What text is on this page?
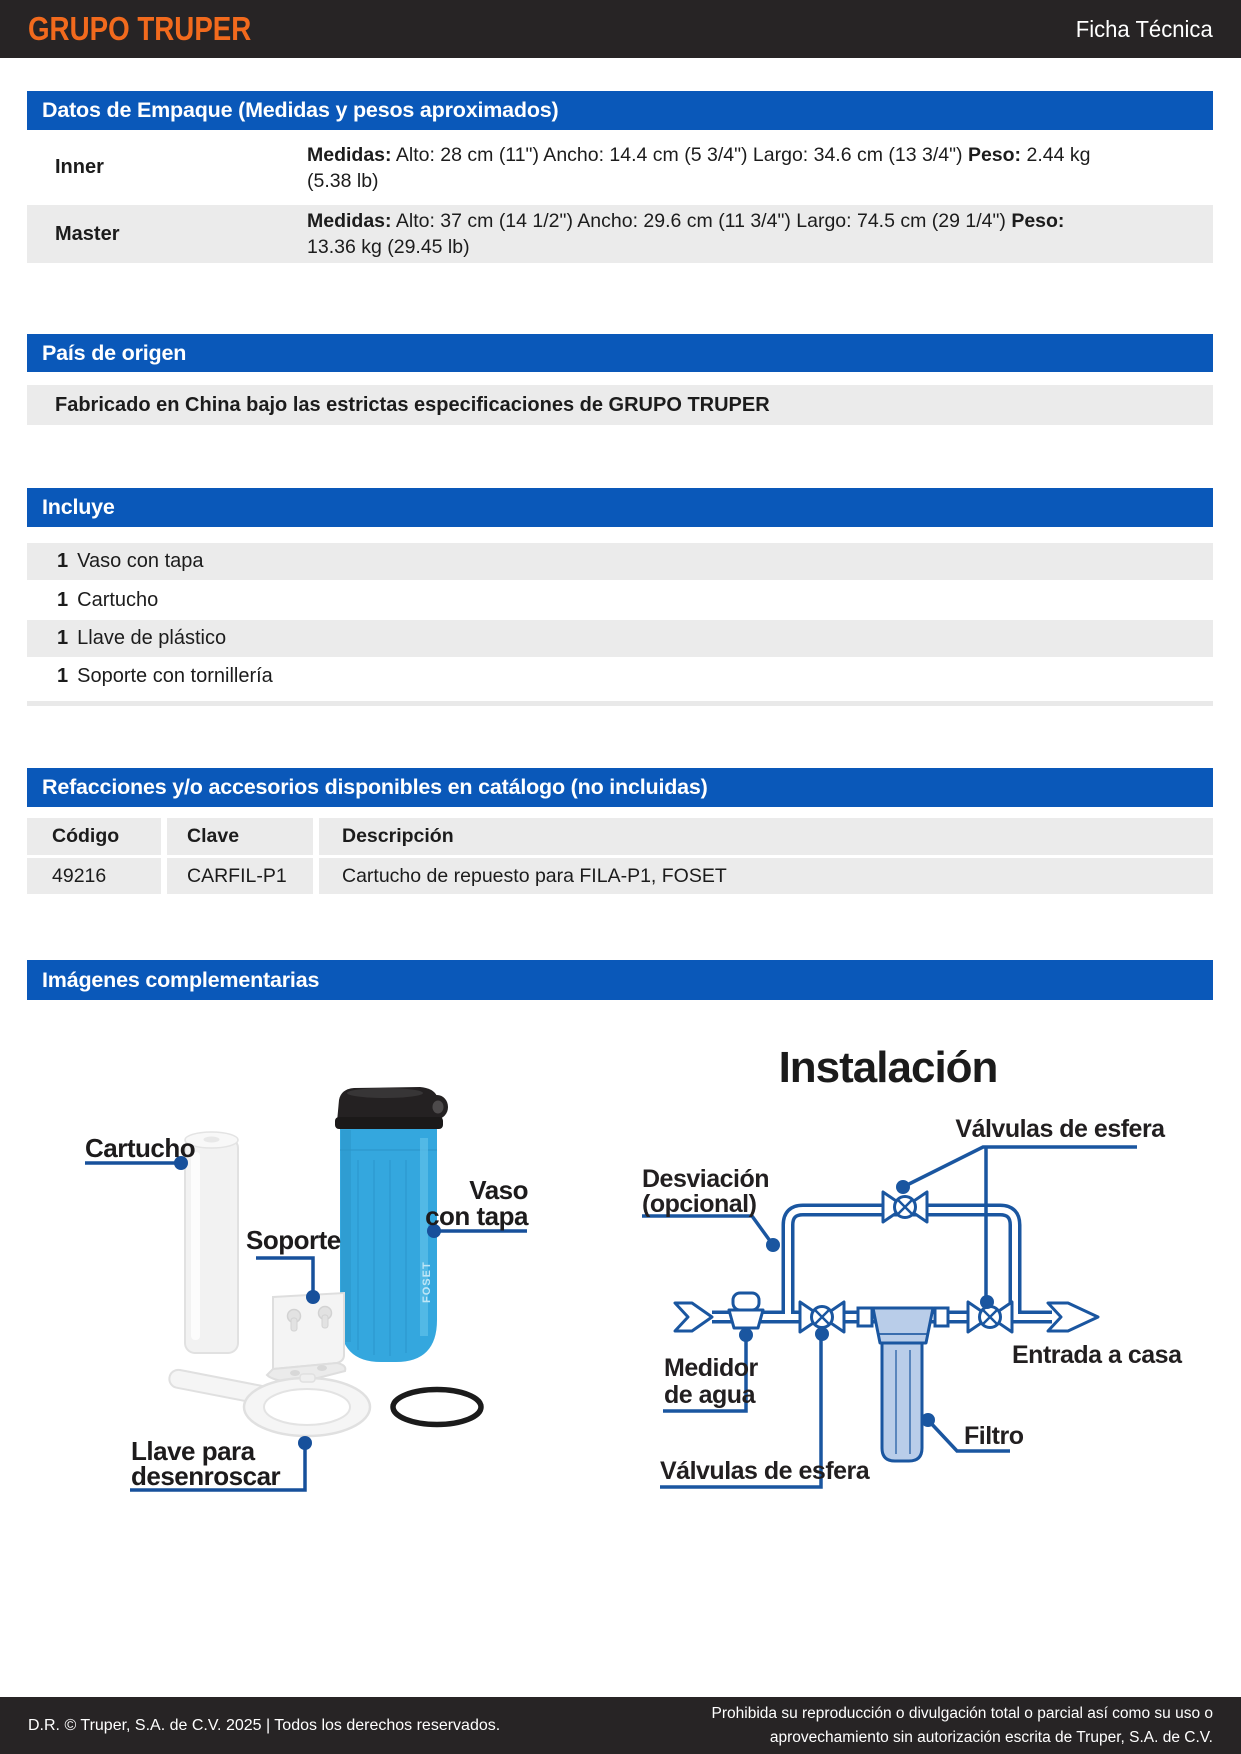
GRUPO TRUPER	Ficha Técnica
Datos de Empaque (Medidas y pesos aproximados)
Inner
Medidas: Alto: 28 cm (11") Ancho: 14.4 cm (5 3/4") Largo: 34.6 cm (13 3/4") Peso: 2.44 kg
(5.38 lb)
Master
Medidas: Alto: 37 cm (14 1/2") Ancho: 29.6 cm (11 3/4") Largo: 74.5 cm (29 1/4") Peso:
13.36 kg (29.45 lb)
País de origen
Fabricado en China bajo las estrictas especificaciones de GRUPO TRUPER
Incluye
1 Vaso con tapa
1 Cartucho
1 Llave de plástico
1 Soporte con tornillería
Refacciones y/o accesorios disponibles en catálogo (no incluidas)
Código	Clave	Descripción
49216	CARFIL-P1	Cartucho de repuesto para FILA-P1, FOSET
Imágenes complementarias
FOSET
Cartucho
Soporte
Vaso
con tapa
Llave para
desenroscar
Instalación
Válvulas de esfera
Desviación
(opcional)
Medidor
de agua
Válvulas de esfera
Filtro
Entrada a casa
D.R. © Truper, S.A. de C.V. 2025 | Todos los derechos reservados.
Prohibida su reproducción o divulgación total o parcial así como su uso o
aprovechamiento sin autorización escrita de Truper, S.A. de C.V.
